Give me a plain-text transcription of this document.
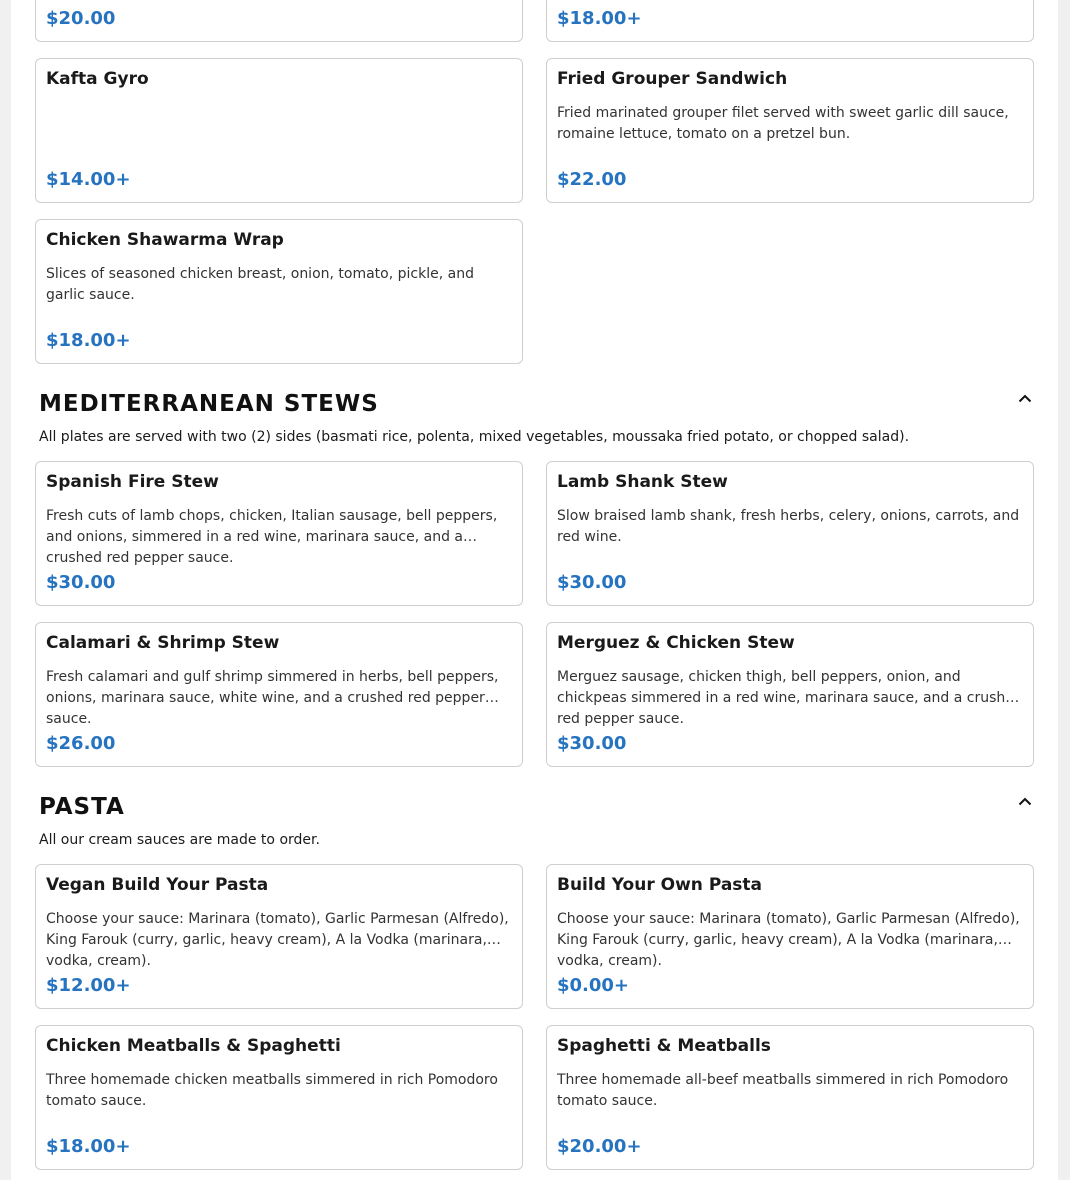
$20.00	$18.00+
Kafta Gyro
$14.00+
Fried Grouper Sandwich
Fried marinated grouper filet served with sweet garlic dill sauce, romaine lettuce, tomato on a pretzel bun.
$22.00
Chicken Shawarma Wrap
Slices of seasoned chicken breast, onion, tomato, pickle, and garlic sauce.
$18.00+
MEDITERRANEAN STEWS
All plates are served with two (2) sides (basmati rice, polenta, mixed vegetables, moussaka fried potato, or chopped salad).
Spanish Fire Stew
Fresh cuts of lamb chops, chicken, Italian sausage, bell peppers, and onions, simmered in a red wine, marinara sauce, and a crushed red pepper sauce.
$30.00
Lamb Shank Stew
Slow braised lamb shank, fresh herbs, celery, onions, carrots, and red wine.
$30.00
Calamari & Shrimp Stew
Fresh calamari and gulf shrimp simmered in herbs, bell peppers, onions, marinara sauce, white wine, and a crushed red pepper sauce.
$26.00
Merguez & Chicken Stew
Merguez sausage, chicken thigh, bell peppers, onion, and chickpeas simmered in a red wine, marinara sauce, and a crushed red pepper sauce.
$30.00
PASTA
All our cream sauces are made to order.
Vegan Build Your Pasta
Choose your sauce: Marinara (tomato), Garlic Parmesan (Alfredo), King Farouk (curry, garlic, heavy cream), A la Vodka (marinara, vodka, cream).
$12.00+
Build Your Own Pasta
Choose your sauce: Marinara (tomato), Garlic Parmesan (Alfredo), King Farouk (curry, garlic, heavy cream), A la Vodka (marinara, vodka, cream).
$0.00+
Chicken Meatballs & Spaghetti
Three homemade chicken meatballs simmered in rich Pomodoro tomato sauce.
$18.00+
Spaghetti & Meatballs
Three homemade all-beef meatballs simmered in rich Pomodoro tomato sauce.
$20.00+
